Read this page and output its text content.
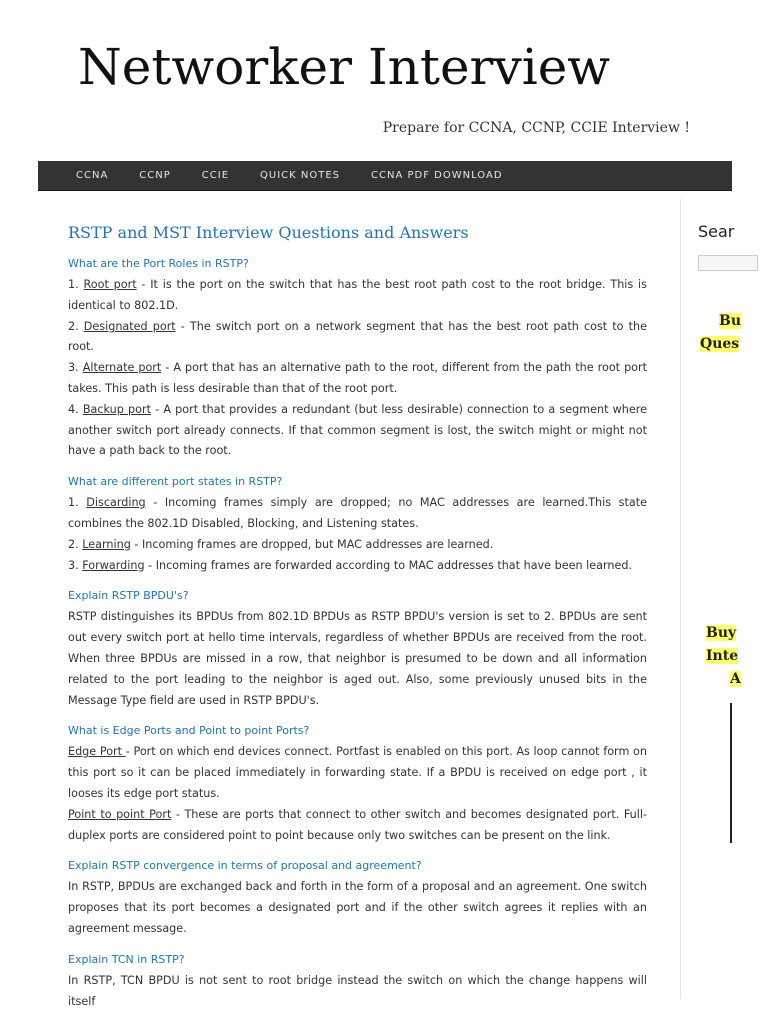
Networker Interview
Prepare for CCNA, CCNP, CCIE Interview !
CCNA	CCNP	CCIE	QUICK NOTES	CCNA PDF DOWNLOAD
RSTP and MST Interview Questions and Answers
What are the Port Roles in RSTP?

1. Root port - It is the port on the switch that has the best root path cost to the root bridge. This is identical to 802.1D.

2. Designated port - The switch port on a network segment that has the best root path cost to the root.

3. Alternate port - A port that has an alternative path to the root, different from the path the root port takes. This path is less desirable than that of the root port.

4. Backup port - A port that provides a redundant (but less desirable) connection to a segment where another switch port already connects. If that common segment is lost, the switch might or might not have a path back to the root.

What are different port states in RSTP?

1. Discarding - Incoming frames simply are dropped; no MAC addresses are learned.This state combines the 802.1D Disabled, Blocking, and Listening states.

2. Learning - Incoming frames are dropped, but MAC addresses are learned.

3. Forwarding - Incoming frames are forwarded according to MAC addresses that have been learned.

Explain RSTP BPDU's?

RSTP distinguishes its BPDUs from 802.1D BPDUs as RSTP BPDU's version is set to 2. BPDUs are sent out every switch port at hello time intervals, regardless of whether BPDUs are received from the root. When three BPDUs are missed in a row, that neighbor is presumed to be down and all information related to the port leading to the neighbor is aged out. Also, some previously unused bits in the Message Type field are used in RSTP BPDU's.

What is Edge Ports and Point to point Ports?

Edge Port - Port on which end devices connect. Portfast is enabled on this port. As loop cannot form on this port so it can be placed immediately in forwarding state. If a BPDU is received on edge port , it looses its edge port status.

Point to point Port - These are ports that connect to other switch and becomes designated port. Full-duplex ports are considered point to point because only two switches can be present on the link.

Explain RSTP convergence in terms of proposal and agreement?

In RSTP, BPDUs are exchanged back and forth in the form of a proposal and an agreement. One switch proposes that its port becomes a designated port and if the other switch agrees it replies with an agreement message.

Explain TCN in RSTP?

In RSTP, TCN BPDU is not sent to root bridge instead the switch on which the change happens will itself

Sear
Bu
Ques
Buy
Inte
A
